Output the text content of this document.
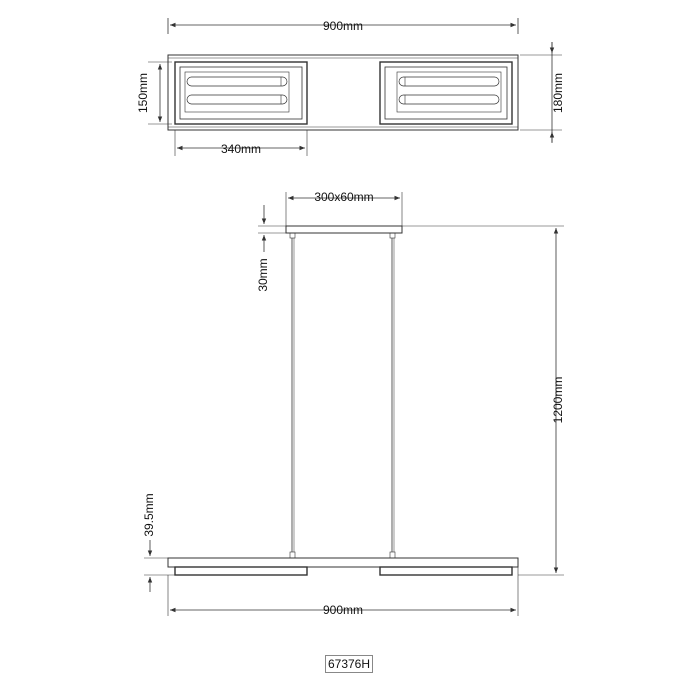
900mm
150mm	180mm
340mm
300x60mm
30mm
1200mm
39.5mm
900mm
67376H
